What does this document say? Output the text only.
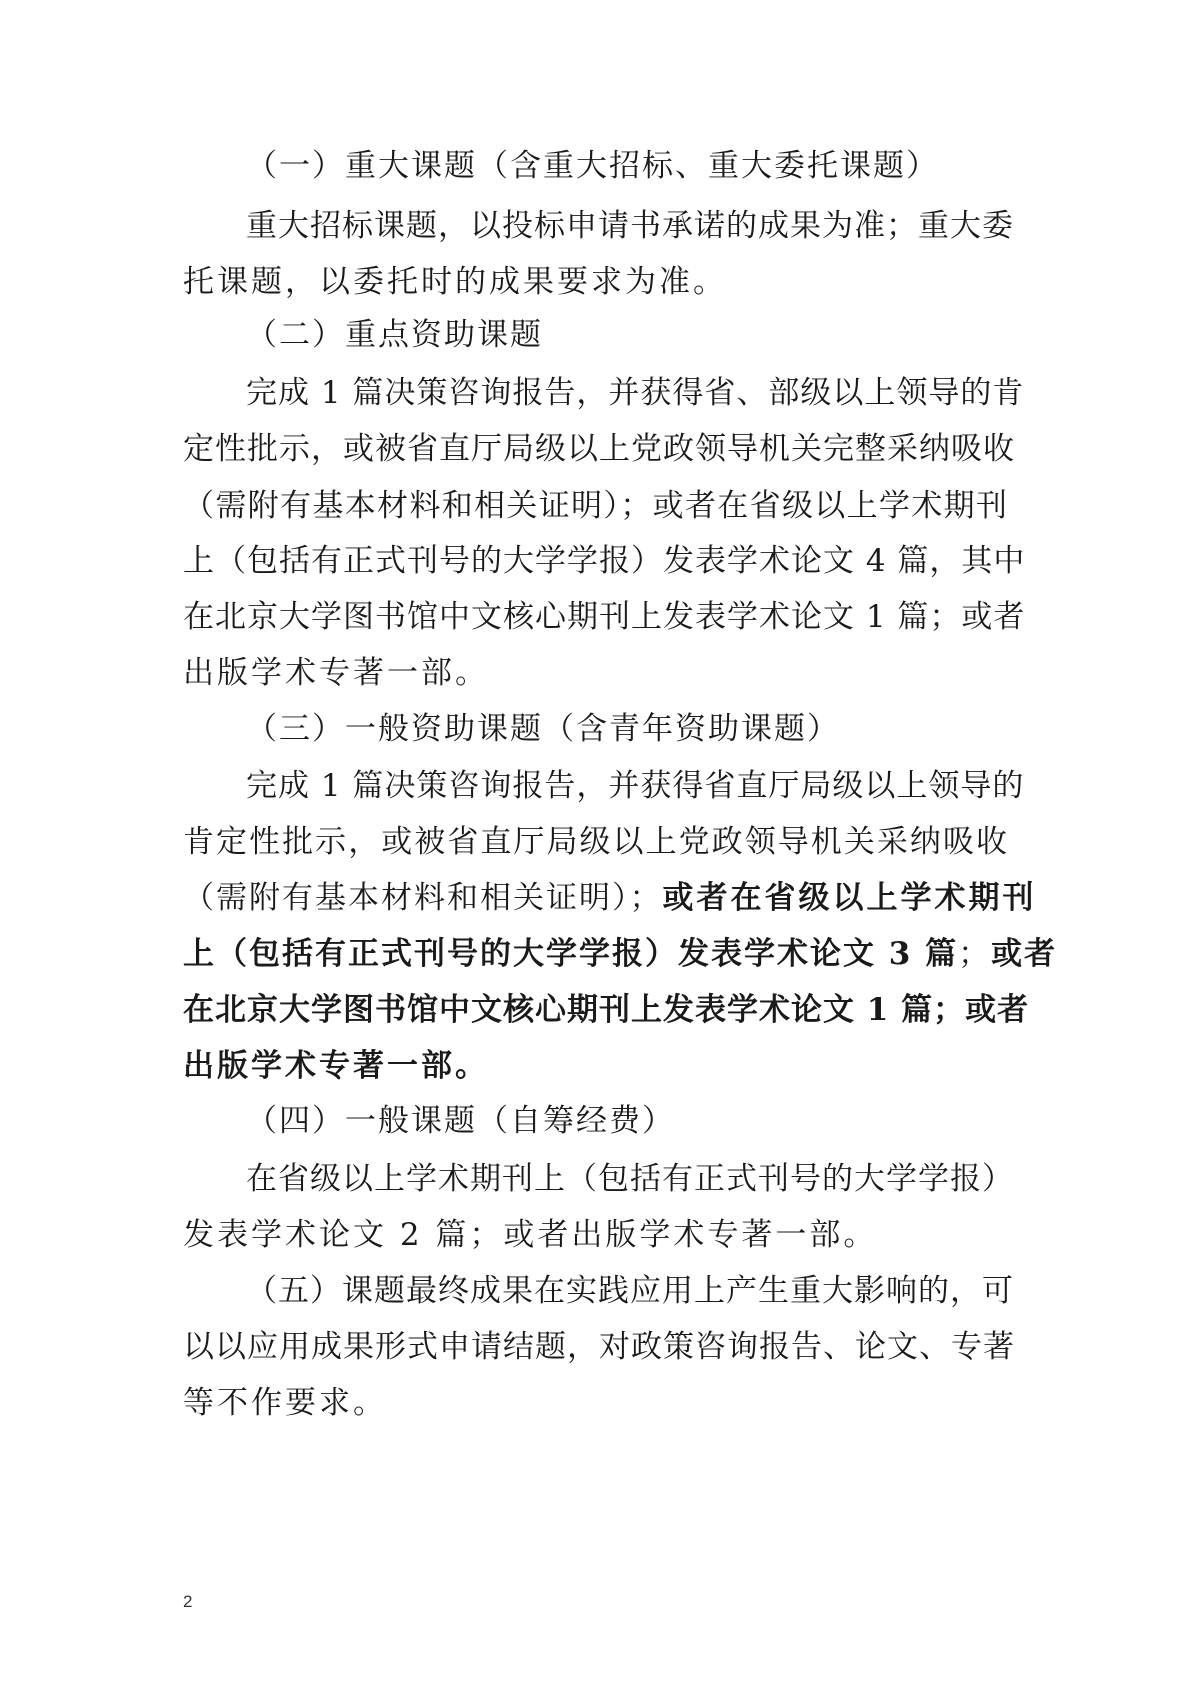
（一）重大课题（含重大招标、重大委托课题）
重大招标课题，以投标申请书承诺的成果为准；重大委
托课题，以委托时的成果要求为准。
（二）重点资助课题
完成 1 篇决策咨询报告，并获得省、部级以上领导的肯
定性批示，或被省直厅局级以上党政领导机关完整采纳吸收
（需附有基本材料和相关证明）；或者在省级以上学术期刊
上（包括有正式刊号的大学学报）发表学术论文 4 篇，其中
在北京大学图书馆中文核心期刊上发表学术论文 1 篇；或者
出版学术专著一部。
（三）一般资助课题（含青年资助课题）
完成 1 篇决策咨询报告，并获得省直厅局级以上领导的
肯定性批示，或被省直厅局级以上党政领导机关采纳吸收
（需附有基本材料和相关证明）；或者在省级以上学术期刊
上（包括有正式刊号的大学学报）发表学术论文 3 篇；或者
在北京大学图书馆中文核心期刊上发表学术论文 1 篇；或者
出版学术专著一部。
（四）一般课题（自筹经费）
在省级以上学术期刊上（包括有正式刊号的大学学报）
发表学术论文 2 篇；或者出版学术专著一部。
（五）课题最终成果在实践应用上产生重大影响的，可
以以应用成果形式申请结题，对政策咨询报告、论文、专著
等不作要求。
2
